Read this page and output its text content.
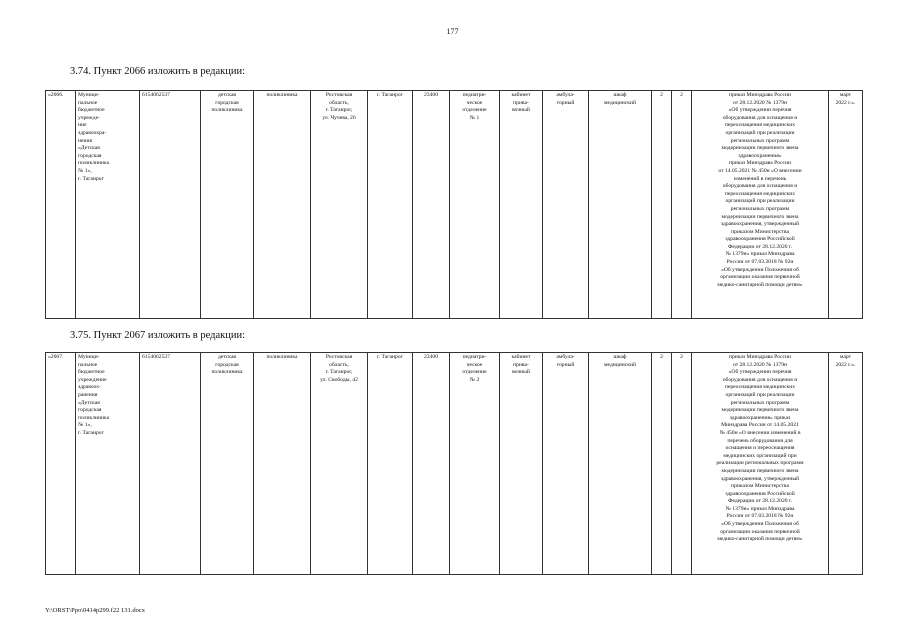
177
3.74. Пункт 2066 изложить в редакции:
«2066.	Муници-
пальное
бюджетное
учрежде-
ние
здравоохра-
нения
«Детская
городская
поликлиника
№ 1»,
г. Таганрог	6154062537	детская
городская
поликлиника	поликлиника	Ростовская
область,
г. Таганрог,
ул. Чучева, 26	г. Таганрог	23400	педиатри-
ческое
отделение
№ 1	кабинет
прива-
вочный	амбула-
торный	шкаф
медицинский	2	2	приказ Минздрава России
от 28.12.2020 № 1379н
«Об утверждении перечня
оборудования для оснащения и
переоснащения медицинских
организаций при реализации
региональных программ
модернизации первичного звена
здравоохранения»
приказ Минздрава России
от 14.05.2021 № 450н «О внесении
изменений в перечень
оборудования для оснащения и
переоснащения медицинских
организаций при реализации
региональных программ
модернизации первичного звена
здравоохранения, утвержденный
приказом Министерства
здравоохранения Российской
Федерации от 28.12.2020 г.
№ 1379н» приказ Минздрава
России от 07.03.2018 № 92н
«Об утверждении Положения об
организации оказания первичной
медико-санитарной помощи детям»	март
2022 г.».
3.75. Пункт 2067 изложить в редакции:
«2067.	Муници-
пальное
бюджетное
учреждение
здравоох-
ранения
«Детская
городская
поликлиника
№ 1»,
г. Таганрог	6154062537	детская
городская
поликлиника	поликлиника	Ростовская
область,
г. Таганрог,
ул. Свободы, 42	г. Таганрог	23400	педиатри-
ческое
отделение
№ 2	кабинет
прива-
вочный	амбула-
торный	шкаф
медицинский	2	2	приказ Минздрава России
от 28.12.2020 № 1379н
«Об утверждении перечня
оборудования для оснащения и
переоснащения медицинских
организаций при реализации
региональных программ
модернизации первичного звена
здравоохранения» приказ
Минздрава России от 14.05.2021
№ 450н «О внесении изменений в
перечень оборудования для
оснащения и переоснащения
медицинских организаций при
реализации региональных программ
модернизации первичного звена
здравоохранения, утвержденный
приказом Министерства
здравоохранения Российской
Федерации от 28.12.2020 г.
№ 1379н» приказ Минздрава
России от 07.03.2018 № 92н
«Об утверждении Положения об
организации оказания первичной
медико-санитарной помощи детям»	март
2022 г.».
Y:\ORST\Ppo\0414p299.f22 131.docx
